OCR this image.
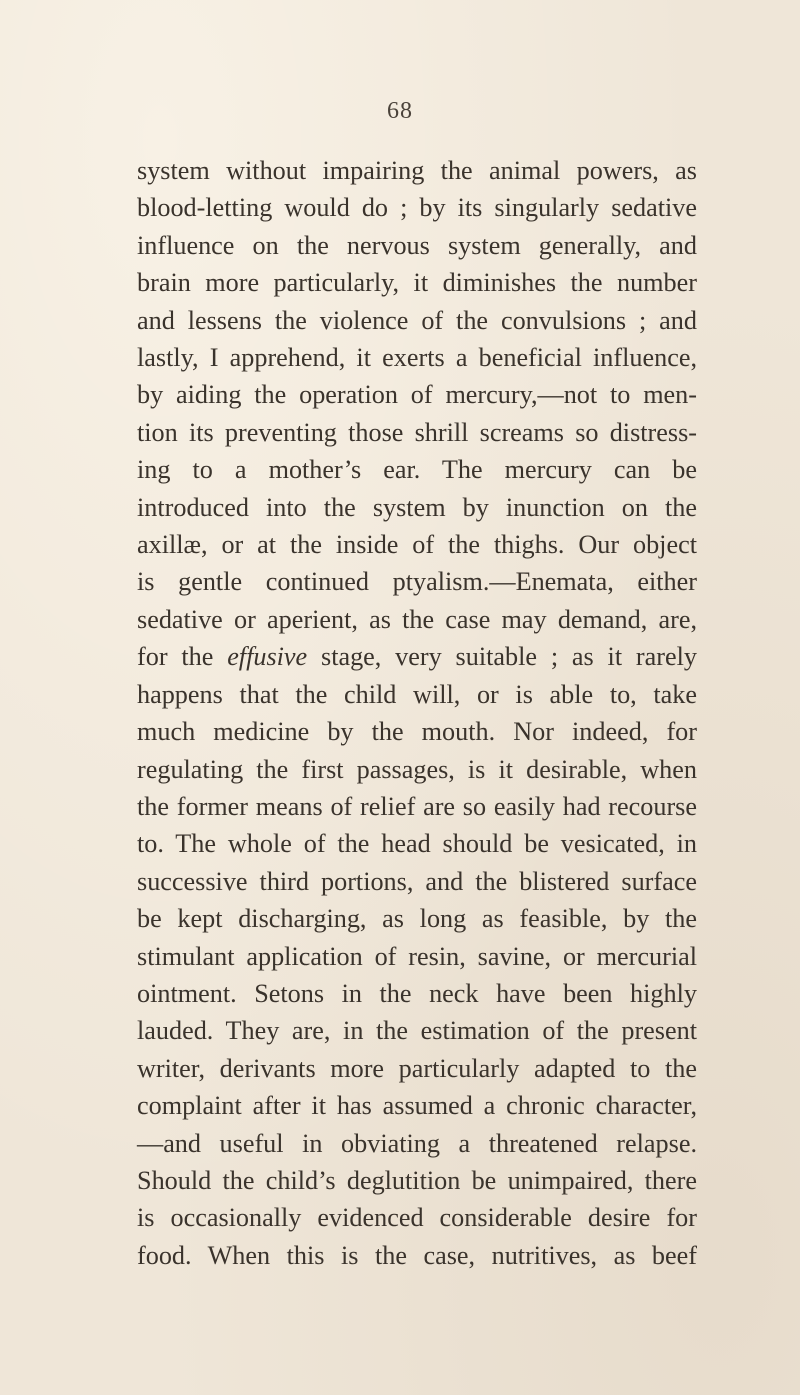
68
system without impairing the animal powers, as
blood-letting would do ; by its singularly sedative
influence on the nervous system generally, and
brain more particularly, it diminishes the number
and lessens the violence of the convulsions ; and
lastly, I apprehend, it exerts a beneficial influence,
by aiding the operation of mercury,—not to men-
tion its preventing those shrill screams so distress-
ing to a mother’s ear. The mercury can be
introduced into the system by inunction on the
axillæ, or at the inside of the thighs. Our object
is gentle continued ptyalism.—Enemata, either
sedative or aperient, as the case may demand, are,
for the effusive stage, very suitable ; as it rarely
happens that the child will, or is able to, take
much medicine by the mouth. Nor indeed, for
regulating the first passages, is it desirable, when
the former means of relief are so easily had recourse
to. The whole of the head should be vesicated, in
successive third portions, and the blistered surface
be kept discharging, as long as feasible, by the
stimulant application of resin, savine, or mercurial
ointment. Setons in the neck have been highly
lauded. They are, in the estimation of the present
writer, derivants more particularly adapted to the
complaint after it has assumed a chronic character,
—and useful in obviating a threatened relapse.
Should the child’s deglutition be unimpaired, there
is occasionally evidenced considerable desire for
food. When this is the case, nutritives, as beef
